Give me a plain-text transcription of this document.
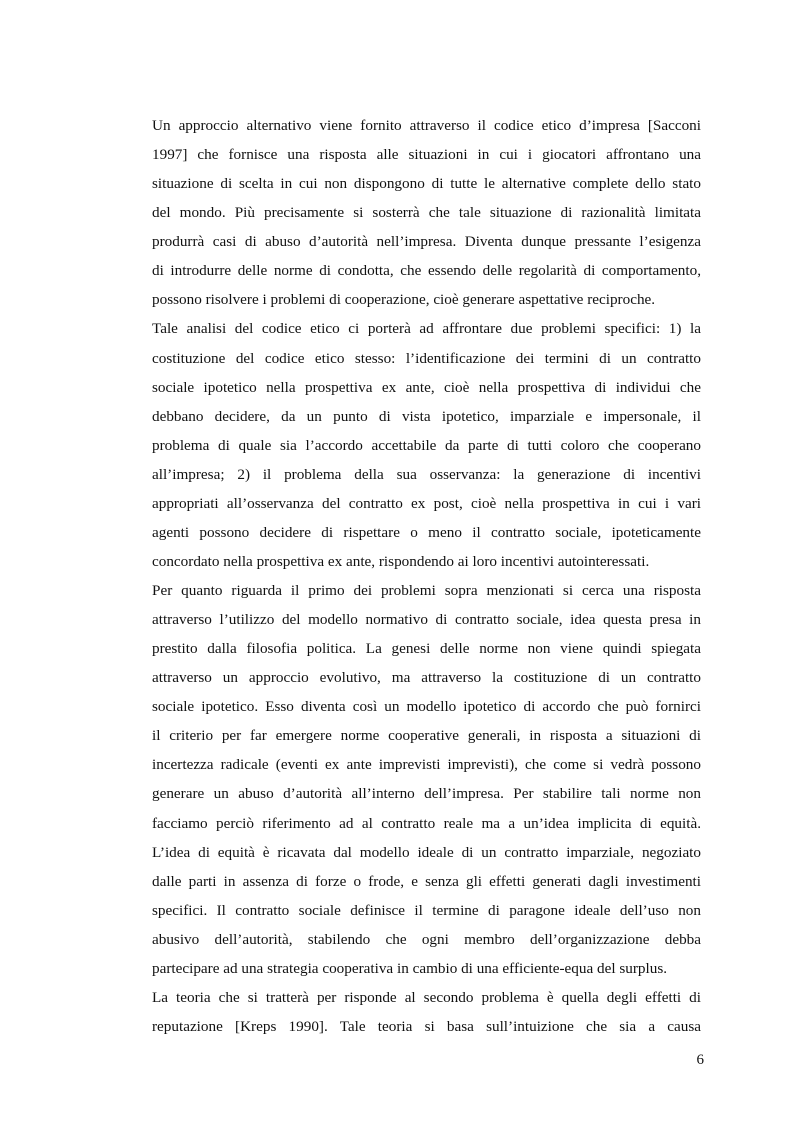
Un approccio alternativo viene fornito attraverso il codice etico d’impresa [Sacconi
1997] che fornisce una risposta alle situazioni in cui i giocatori affrontano una
situazione di scelta in cui non dispongono di tutte le alternative complete dello stato
del mondo. Più precisamente si sosterrà che tale situazione di razionalità limitata
produrrà casi di abuso d’autorità nell’impresa. Diventa dunque pressante l’esigenza
di introdurre delle norme di condotta, che essendo delle regolarità di comportamento,
possono risolvere i problemi di cooperazione, cioè generare aspettative reciproche.
Tale analisi del codice etico ci porterà ad affrontare due problemi specifici: 1) la
costituzione del codice etico stesso: l’identificazione dei termini di un contratto
sociale ipotetico nella prospettiva ex ante, cioè nella prospettiva di individui che
debbano decidere, da un punto di vista ipotetico, imparziale e impersonale, il
problema di quale sia l’accordo accettabile da parte di tutti coloro che cooperano
all’impresa; 2) il problema della sua osservanza: la generazione di incentivi
appropriati all’osservanza del contratto ex post, cioè nella prospettiva in cui i vari
agenti possono decidere di rispettare o meno il contratto sociale, ipoteticamente
concordato nella prospettiva ex ante, rispondendo ai loro incentivi autointeressati.
Per quanto riguarda il primo dei problemi sopra menzionati si cerca una risposta
attraverso l’utilizzo del modello normativo di contratto sociale, idea questa presa in
prestito dalla filosofia politica. La genesi delle norme non viene quindi spiegata
attraverso un approccio evolutivo, ma attraverso la costituzione di un contratto
sociale ipotetico. Esso diventa così un modello ipotetico di accordo che può fornirci
il criterio per far emergere norme cooperative generali, in risposta a situazioni di
incertezza radicale (eventi ex ante imprevisti imprevisti), che come si vedrà possono
generare un abuso d’autorità all’interno dell’impresa. Per stabilire tali norme non
facciamo perciò riferimento ad al contratto reale ma a un’idea implicita di equità.
L’idea di equità è ricavata dal modello ideale di un contratto imparziale, negoziato
dalle parti in assenza di forze o frode, e senza gli effetti generati dagli investimenti
specifici. Il contratto sociale definisce il termine di paragone ideale dell’uso non
abusivo dell’autorità, stabilendo che ogni membro dell’organizzazione debba
partecipare ad una strategia cooperativa in cambio di una efficiente-equa del surplus.
La teoria che si tratterà per risponde al secondo problema è quella degli effetti di
reputazione [Kreps 1990]. Tale teoria si basa sull’intuizione che sia a causa
6
